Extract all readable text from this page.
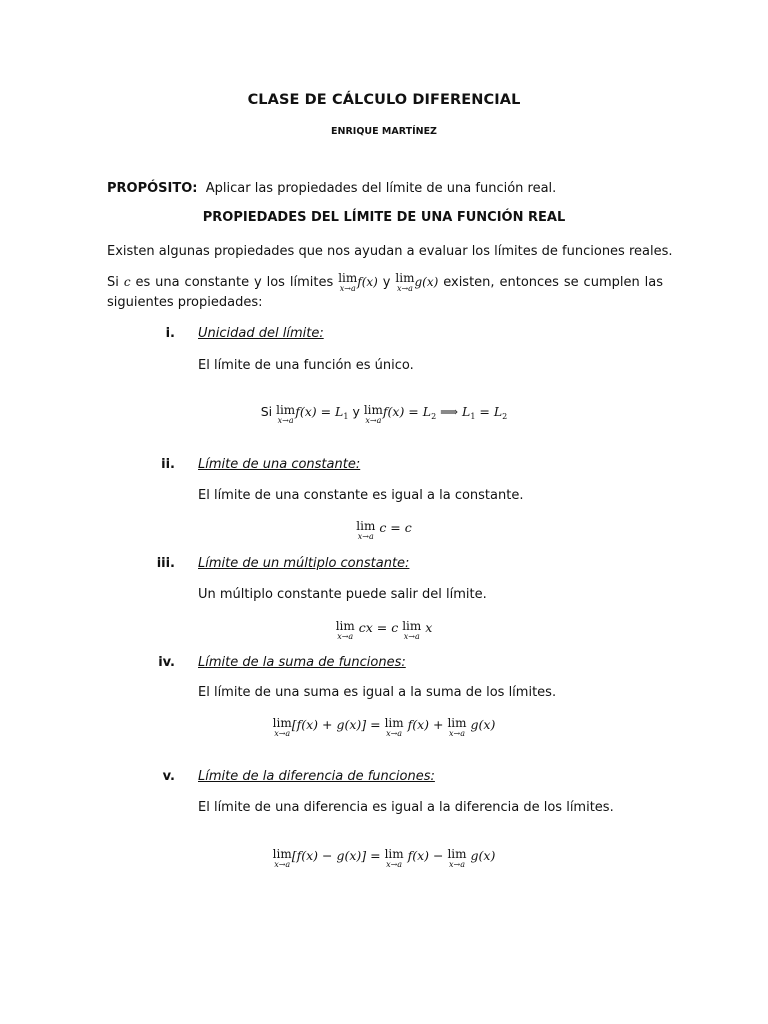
CLASE DE CÁLCULO DIFERENCIAL
ENRIQUE MARTÍNEZ
PROPÓSITO: Aplicar las propiedades del límite de una función real.
PROPIEDADES DEL LÍMITE DE UNA FUNCIÓN REAL
Existen algunas propiedades que nos ayudan a evaluar los límites de funciones reales.
Si c es una constante y los límites lim
x→a f(x) y lim
x→a g(x) existen, entonces se cumplen las
siguientes propiedades:
i. Unicidad del límite:
El límite de una función es único.
Si lim
x→a
$f(x) = L_1$ y lim
x→a
$f(x) = L_2$ ⟹ $L_1 = L_2$
ii. Límite de una constante:
El límite de una constante es igual a la constante.
lim
x→a
c = c
iii. Límite de un múltiplo constante:
Un múltiplo constante puede salir del límite.
lim
x→a
cx = c lim
x→a
x
iv. Límite de la suma de funciones:
El límite de una suma es igual a la suma de los límites.
lim
x→a
[f(x) + g(x)] = lim
x→a
f(x) + lim
x→a
g(x)
v. Límite de la diferencia de funciones:
El límite de una diferencia es igual a la diferencia de los límites.
lim
x→a
[f(x) − g(x)] = lim
x→a
f(x) − lim
x→a
g(x)
